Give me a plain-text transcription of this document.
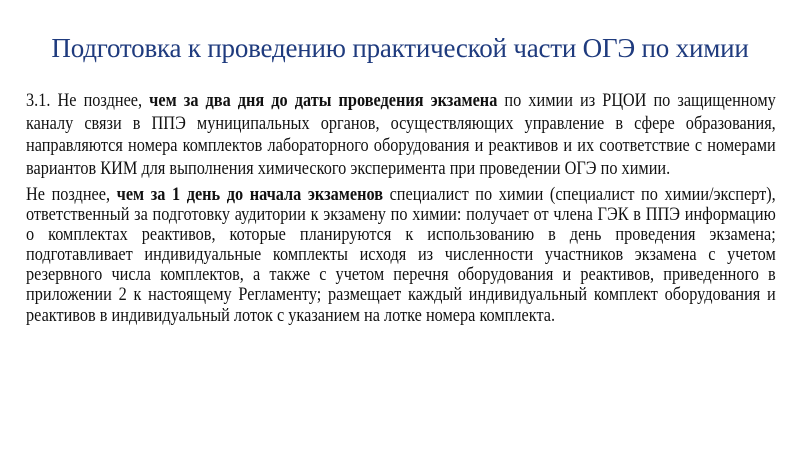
Подготовка к проведению практической части ОГЭ по химии

3.1. Не позднее, чем за два дня до даты проведения экзамена по химии из РЦОИ по защищенному каналу связи в ППЭ муниципальных органов, осуществляющих управление в сфере образования, направляются номера комплектов лабораторного оборудования и реактивов и их соответствие с номерами вариантов КИМ для выполнения химического эксперимента при проведении ОГЭ по химии.

Не позднее, чем за 1 день до начала экзаменов специалист по химии (специалист по химии/эксперт), ответственный за подготовку аудитории к экзамену по химии: получает от члена ГЭК в ППЭ информацию о комплектах реактивов, которые планируются к использованию в день проведения экзамена; подготавливает индивидуальные комплекты исходя из численности участников экзамена с учетом резервного числа комплектов, а также с учетом перечня оборудования и реактивов, приведенного в приложении 2 к настоящему Регламенту; размещает каждый индивидуальный комплект оборудования и реактивов в индивидуальный лоток с указанием на лотке номера комплекта.
